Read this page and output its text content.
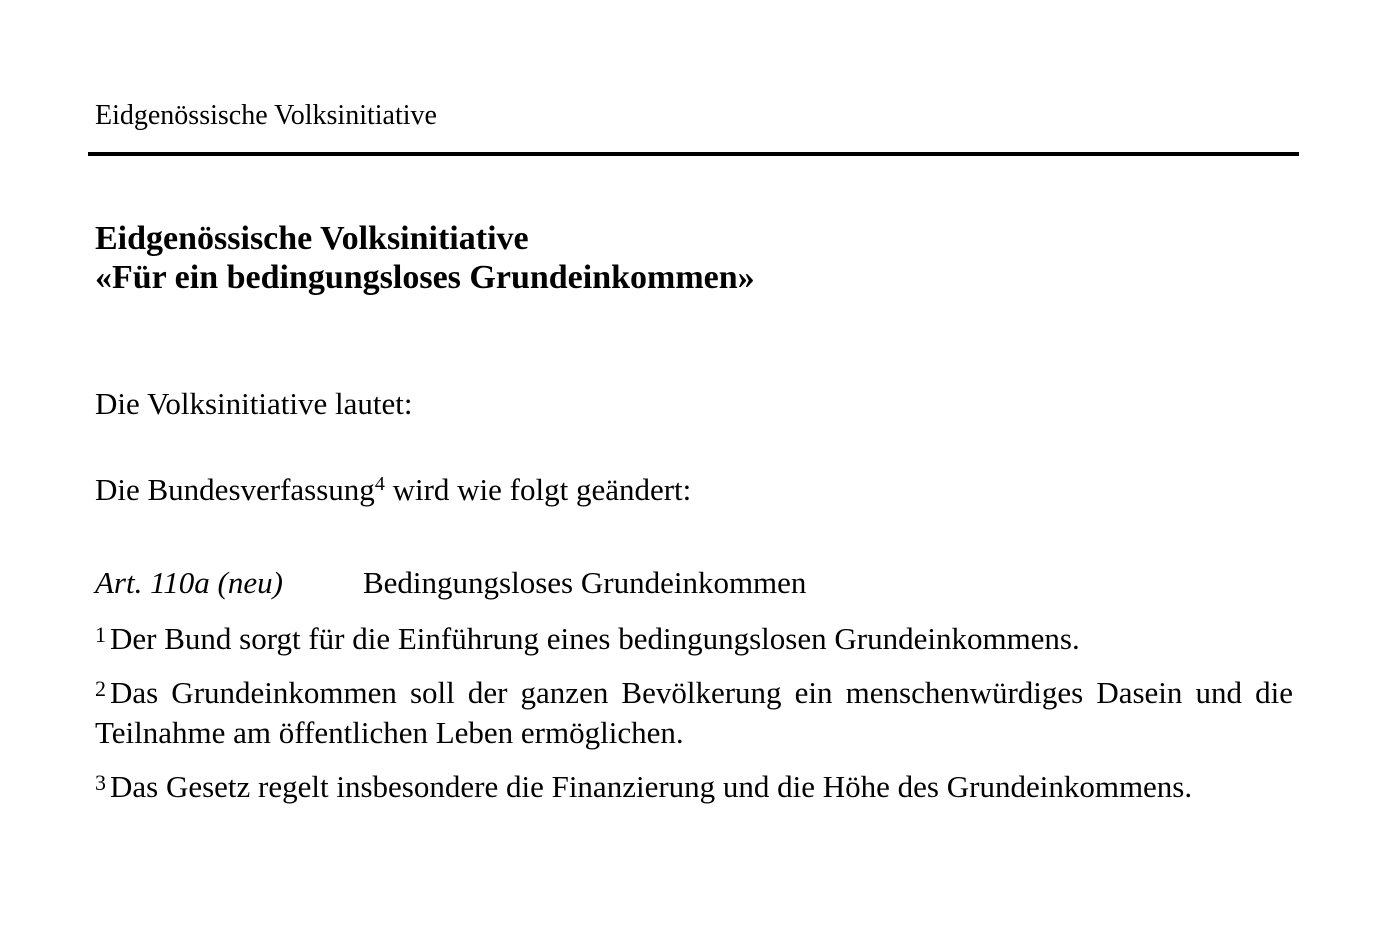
Eidgenössische Volksinitiative
Eidgenössische Volksinitiative
«Für ein bedingungsloses Grundeinkommen»
Die Volksinitiative lautet:
Die Bundesverfassung$^4$ wird wie folgt geändert:
Art. 110a (neu)	Bedingungsloses Grundeinkommen
$^1$ Der Bund sorgt für die Einführung eines bedingungslosen Grundeinkommens.
$^2$ Das Grundeinkommen soll der ganzen Bevölkerung ein menschenwürdiges Dasein und die Teilnahme am öffentlichen Leben ermöglichen.
$^3$ Das Gesetz regelt insbesondere die Finanzierung und die Höhe des Grundeinkommens.
